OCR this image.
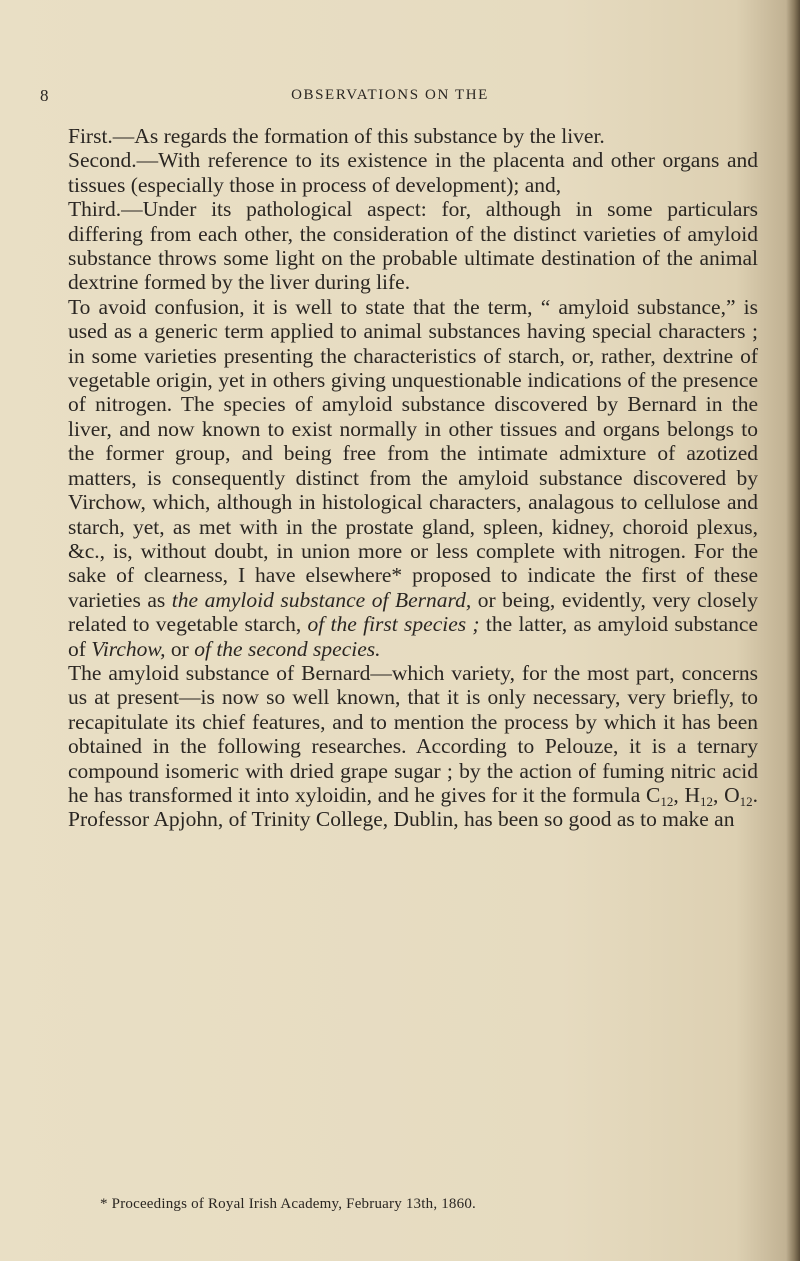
8	OBSERVATIONS ON THE

First.—As regards the formation of this substance by the liver.

Second.—With reference to its existence in the placenta and other organs and tissues (especially those in process of development); and,

Third.—Under its pathological aspect: for, although in some particulars differing from each other, the consideration of the distinct varieties of amyloid substance throws some light on the probable ultimate destination of the animal dextrine formed by the liver during life.

To avoid confusion, it is well to state that the term, “ amyloid substance,” is used as a generic term applied to animal substances having special characters ; in some varieties presenting the characteristics of starch, or, rather, dextrine of vegetable origin, yet in others giving unquestionable indications of the presence of nitrogen. The species of amyloid substance discovered by Bernard in the liver, and now known to exist normally in other tissues and organs belongs to the former group, and being free from the intimate admixture of azotized matters, is consequently distinct from the amyloid substance discovered by Virchow, which, although in histological characters, analagous to cellulose and starch, yet, as met with in the prostate gland, spleen, kidney, choroid plexus, &c., is, without doubt, in union more or less complete with nitrogen. For the sake of clearness, I have elsewhere* proposed to indicate the first of these varieties as the amyloid substance of Bernard, or being, evidently, very closely related to vegetable starch, of the first species ; the latter, as amyloid substance of Virchow, or of the second species.

The amyloid substance of Bernard—which variety, for the most part, concerns us at present—is now so well known, that it is only necessary, very briefly, to recapitulate its chief features, and to mention the process by which it has been obtained in the following researches. According to Pelouze, it is a ternary compound isomeric with dried grape sugar ; by the action of fuming nitric acid he has transformed it into xyloidin, and he gives for it the formula $C_{12}$, $H_{12}$, $O_{12}$. Professor Apjohn, of Trinity College, Dublin, has been so good as to make an

* Proceedings of Royal Irish Academy, February 13th, 1860.
